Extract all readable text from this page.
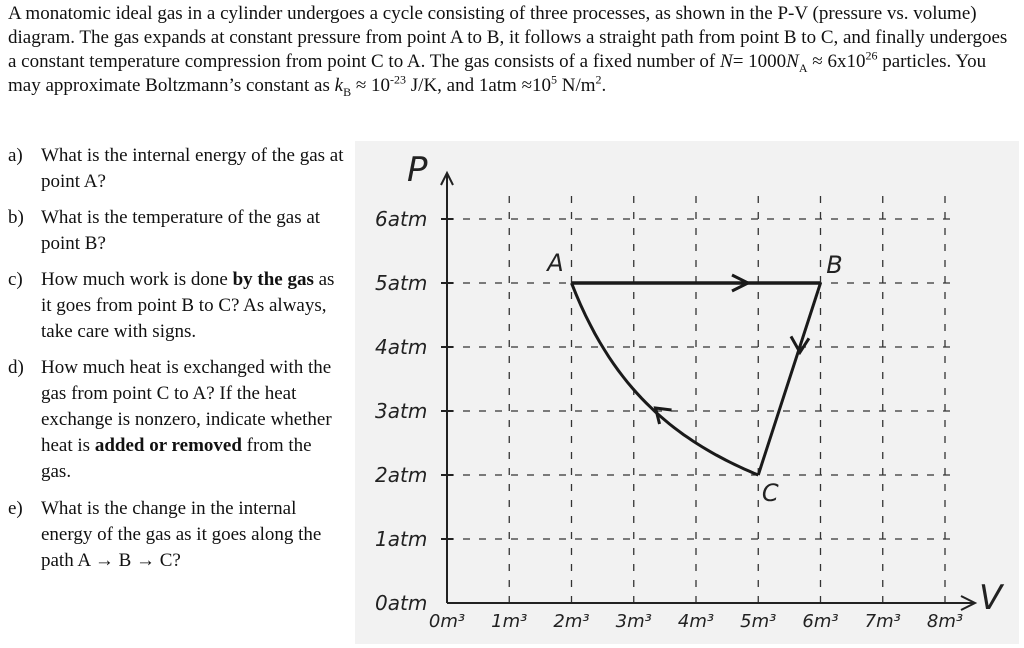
A monatomic ideal gas in a cylinder undergoes a cycle consisting of three processes, as shown in the P-V (pressure vs. volume) diagram. The gas expands at constant pressure from point A to B, it follows a straight path from point B to C, and finally undergoes a constant temperature compression from point C to A. The gas consists of a fixed number of $N= 1000N_A \approx 6x10^{26}$ particles. You may approximate Boltzmann’s constant as $k_B \approx 10^{-23}$ J/K, and $1atm \approx 10^5$ $N/m^2$.

a) What is the internal energy of the gas at point A?
b) What is the temperature of the gas at point B?
c) How much work is done by the gas as it goes from point B to C? As always, take care with signs.
d) How much heat is exchanged with the gas from point C to A? If the heat exchange is nonzero, indicate whether heat is added or removed from the gas.
e) What is the change in the internal energy of the gas as it goes along the path A → B → C?
P
V
0atm
1atm
2atm
3atm
4atm
5atm
6atm
0m³ 1m³ 2m³ 3m³ 4m³ 5m³ 6m³ 7m³ 8m³
A	B
C
